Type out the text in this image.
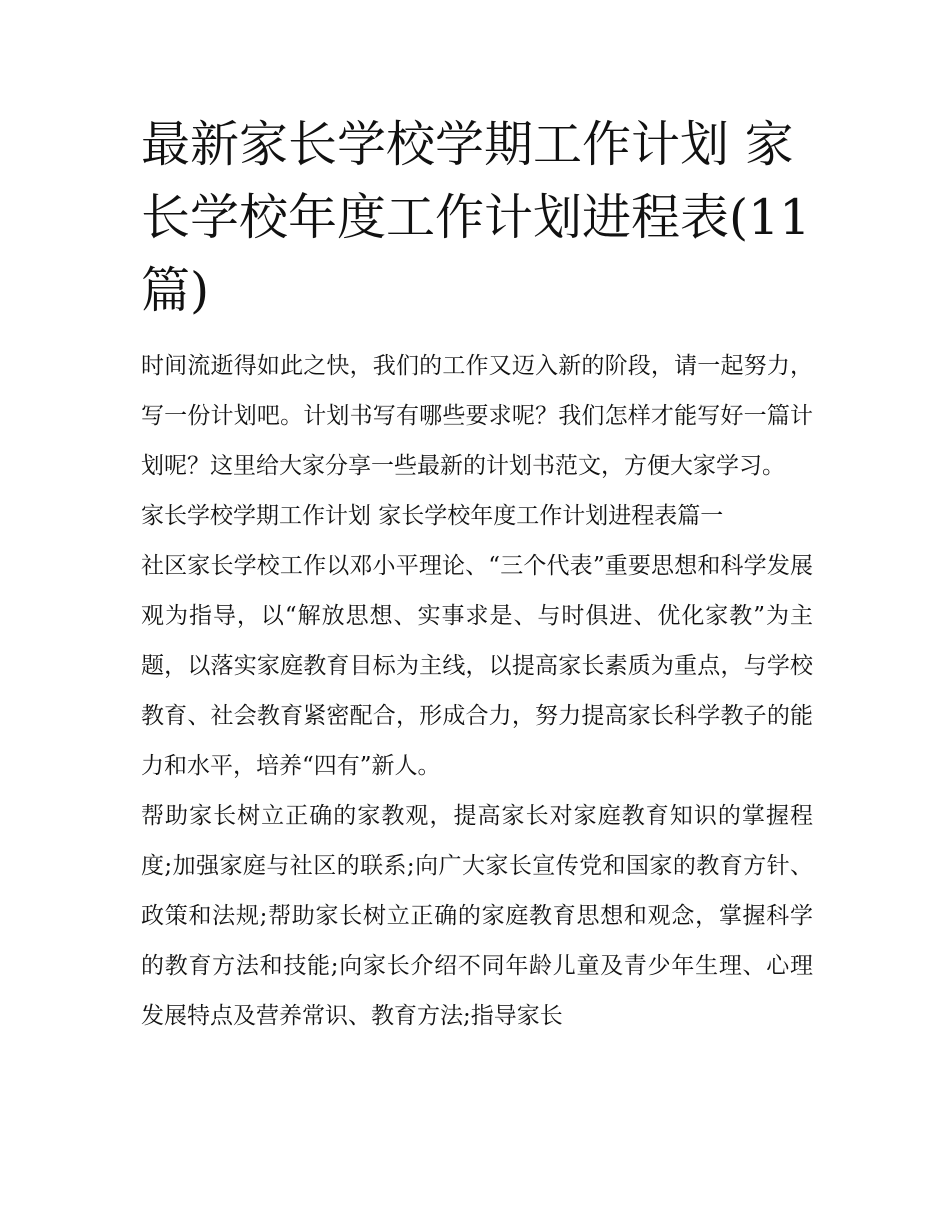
最新家长学校学期工作计划 家长学校年度工作计划进程表(11篇)

时间流逝得如此之快，我们的工作又迈入新的阶段，请一起努力，写一份计划吧。计划书写有哪些要求呢？我们怎样才能写好一篇计划呢？这里给大家分享一些最新的计划书范文，方便大家学习。

家长学校学期工作计划 家长学校年度工作计划进程表篇一

社区家长学校工作以邓小平理论、“三个代表”重要思想和科学发展观为指导，以“解放思想、实事求是、与时俱进、优化家教”为主题，以落实家庭教育目标为主线，以提高家长素质为重点，与学校教育、社会教育紧密配合，形成合力，努力提高家长科学教子的能力和水平，培养“四有”新人。

帮助家长树立正确的家教观，提高家长对家庭教育知识的掌握程度;加强家庭与社区的联系;向广大家长宣传党和国家的教育方针、政策和法规;帮助家长树立正确的家庭教育思想和观念，掌握科学的教育方法和技能;向家长介绍不同年龄儿童及青少年生理、心理发展特点及营养常识、教育方法;指导家长
